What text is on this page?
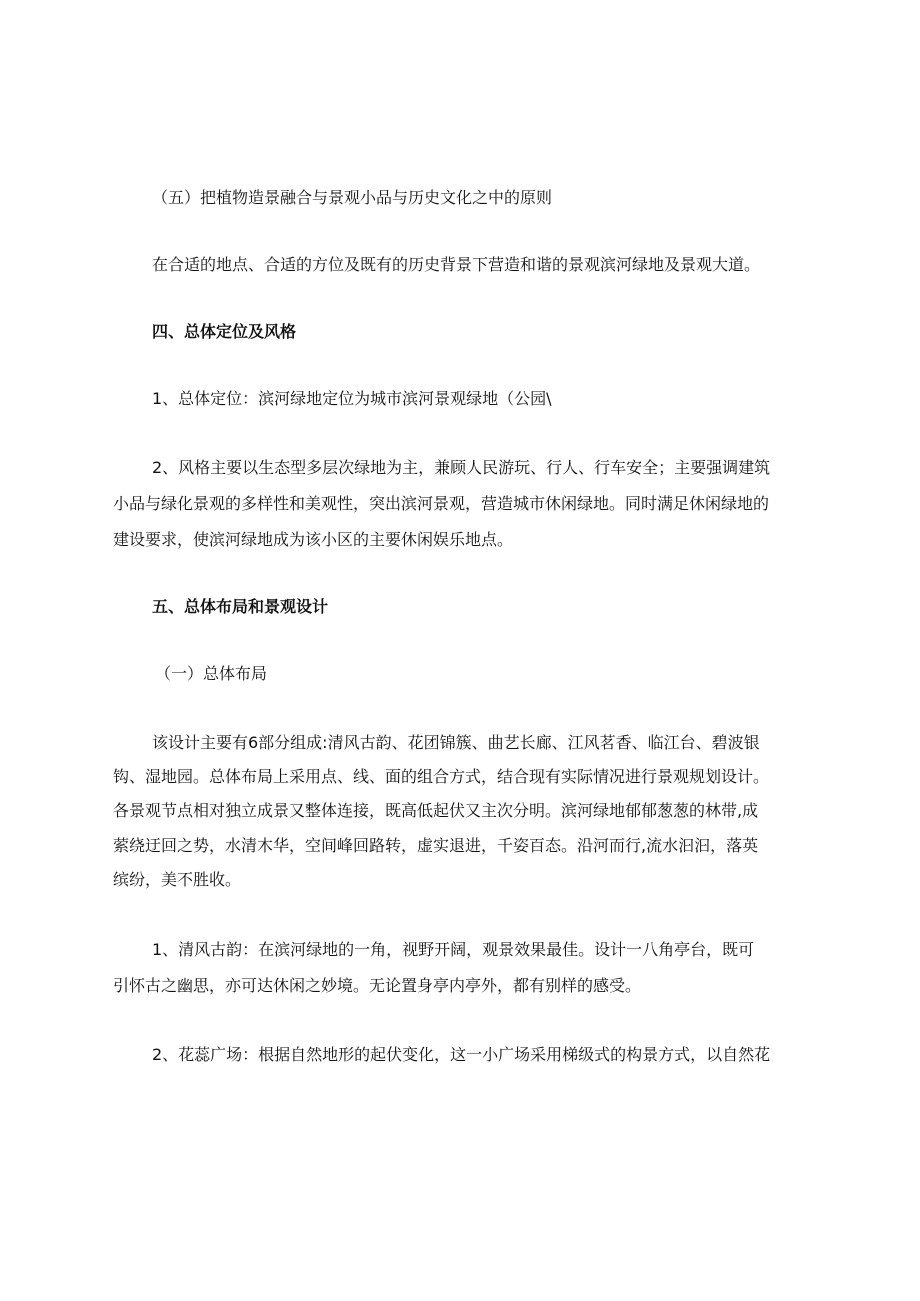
（五）把植物造景融合与景观小品与历史文化之中的原则
在合适的地点、合适的方位及既有的历史背景下营造和谐的景观滨河绿地及景观大道。
四、总体定位及风格
1、总体定位：滨河绿地定位为城市滨河景观绿地（公园\
2、风格主要以生态型多层次绿地为主，兼顾人民游玩、行人、行车安全；主要强调建筑
小品与绿化景观的多样性和美观性，突出滨河景观，营造城市休闲绿地。同时满足休闲绿地的
建设要求，使滨河绿地成为该小区的主要休闲娱乐地点。
五、总体布局和景观设计
（一）总体布局
该设计主要有6部分组成:清风古韵、花团锦簇、曲艺长廊、江风茗香、临江台、碧波银
钩、湿地园。总体布局上采用点、线、面的组合方式，结合现有实际情况进行景观规划设计。
各景观节点相对独立成景又整体连接，既高低起伏又主次分明。滨河绿地郁郁葱葱的林带,成
萦绕迂回之势，水清木华，空间峰回路转，虚实退进，千姿百态。沿河而行,流水汩汩，落英
缤纷，美不胜收。
1、清风古韵：在滨河绿地的一角，视野开阔，观景效果最佳。设计一八角亭台，既可
引怀古之幽思，亦可达休闲之妙境。无论置身亭内亭外，都有别样的感受。
2、花蕊广场：根据自然地形的起伏变化，这一小广场采用梯级式的构景方式，以自然花
